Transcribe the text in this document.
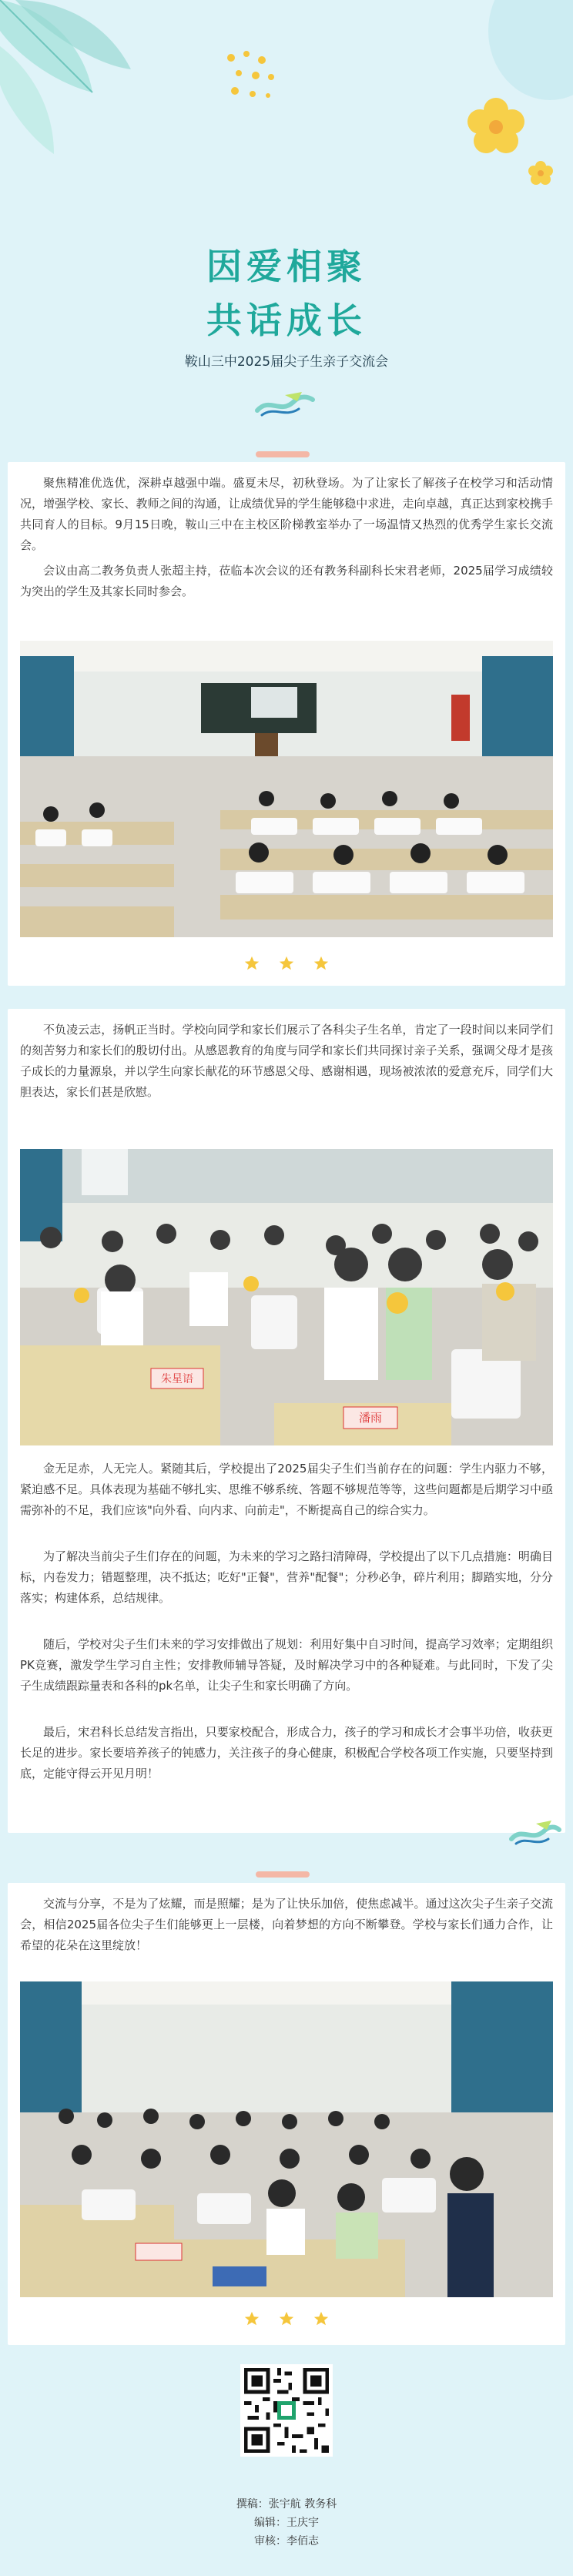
因爱相聚
共话成长
鞍山三中2025届尖子生亲子交流会
聚焦精准优选优，深耕卓越强中端。盛夏未尽，初秋登场。为了让家长了解孩子在校学习和活动情况，增强学校、家长、教师之间的沟通，让成绩优异的学生能够稳中求进，走向卓越，真正达到家校携手共同育人的目标。9月15日晚，鞍山三中在主校区阶梯教室举办了一场温情又热烈的优秀学生家长交流会。
会议由高二教务负责人张超主持，莅临本次会议的还有教务科副科长宋君老师，2025届学习成绩较为突出的学生及其家长同时参会。

不负凌云志，扬帆正当时。学校向同学和家长们展示了各科尖子生名单，肯定了一段时间以来同学们的刻苦努力和家长们的殷切付出。从感恩教育的角度与同学和家长们共同探讨亲子关系，强调父母才是孩子成长的力量源泉，并以学生向家长献花的环节感恩父母、感谢相遇，现场被浓浓的爱意充斥，同学们大胆表达，家长们甚是欣慰。
朱星语
潘雨
金无足赤，人无完人。紧随其后，学校提出了2025届尖子生们当前存在的问题：学生内驱力不够，紧迫感不足。具体表现为基础不够扎实、思维不够系统、答题不够规范等等，这些问题都是后期学习中亟需弥补的不足，我们应该"向外看、向内求、向前走"，不断提高自己的综合实力。
为了解决当前尖子生们存在的问题，为未来的学习之路扫清障碍，学校提出了以下几点措施：明确目标，内卷发力；错题整理，决不抵达；吃好"正餐"，营养"配餐"；分秒必争，碎片利用；脚踏实地，分分落实；构建体系，总结规律。
随后，学校对尖子生们未来的学习安排做出了规划：利用好集中自习时间，提高学习效率；定期组织PK竞赛，激发学生学习自主性；安排教师辅导答疑，及时解决学习中的各种疑难。与此同时，下发了尖子生成绩跟踪量表和各科的pk名单，让尖子生和家长明确了方向。
最后，宋君科长总结发言指出，只要家校配合，形成合力，孩子的学习和成长才会事半功倍，收获更长足的进步。家长要培养孩子的钝感力，关注孩子的身心健康，积极配合学校各项工作实施，只要坚持到底，定能守得云开见月明！
交流与分享，不是为了炫耀，而是照耀；是为了让快乐加倍，使焦虑减半。通过这次尖子生亲子交流会，相信2025届各位尖子生们能够更上一层楼，向着梦想的方向不断攀登。学校与家长们通力合作，让希望的花朵在这里绽放！

撰稿：张宇航 教务科
编辑：王庆宇
审核：李佰志
